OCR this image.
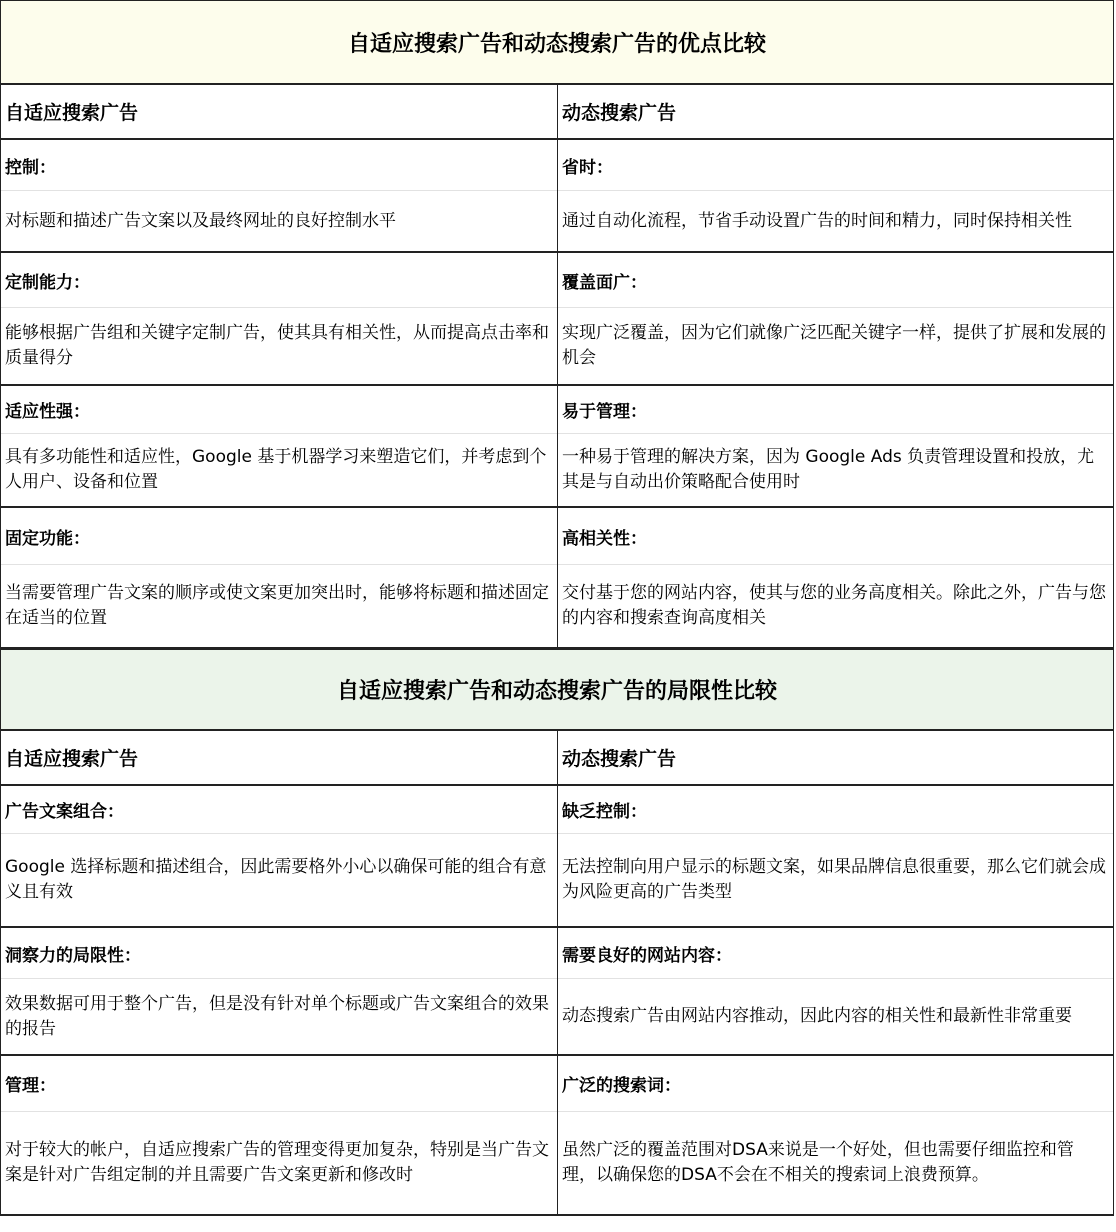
自适应搜索广告和动态搜索广告的优点比较
自适应搜索广告	动态搜索广告
控制：
对标题和描述广告文案以及最终网址的良好控制水平
省时：
通过自动化流程，节省手动设置广告的时间和精力，同时保持相关性
定制能力：
能够根据广告组和关键字定制广告，使其具有相关性，从而提高点击率和质量得分
覆盖面广：
实现广泛覆盖，因为它们就像广泛匹配关键字一样，提供了扩展和发展的机会
适应性强：
具有多功能性和适应性，Google 基于机器学习来塑造它们，并考虑到个人用户、设备和位置
易于管理：
一种易于管理的解决方案，因为 Google Ads 负责管理设置和投放，尤其是与自动出价策略配合使用时
固定功能：
当需要管理广告文案的顺序或使文案更加突出时，能够将标题和描述固定在适当的位置
高相关性：
交付基于您的网站内容，使其与您的业务高度相关。除此之外，广告与您的内容和搜索查询高度相关
自适应搜索广告和动态搜索广告的局限性比较
自适应搜索广告	动态搜索广告
广告文案组合：
Google 选择标题和描述组合，因此需要格外小心以确保可能的组合有意义且有效
缺乏控制：
无法控制向用户显示的标题文案，如果品牌信息很重要，那么它们就会成为风险更高的广告类型
洞察力的局限性：
效果数据可用于整个广告，但是没有针对单个标题或广告文案组合的效果的报告
需要良好的网站内容：
动态搜索广告由网站内容推动，因此内容的相关性和最新性非常重要
管理：
对于较大的帐户，自适应搜索广告的管理变得更加复杂，特别是当广告文案是针对广告组定制的并且需要广告文案更新和修改时
广泛的搜索词：
虽然广泛的覆盖范围对DSA来说是一个好处，但也需要仔细监控和管理，以确保您的DSA不会在不相关的搜索词上浪费预算。
